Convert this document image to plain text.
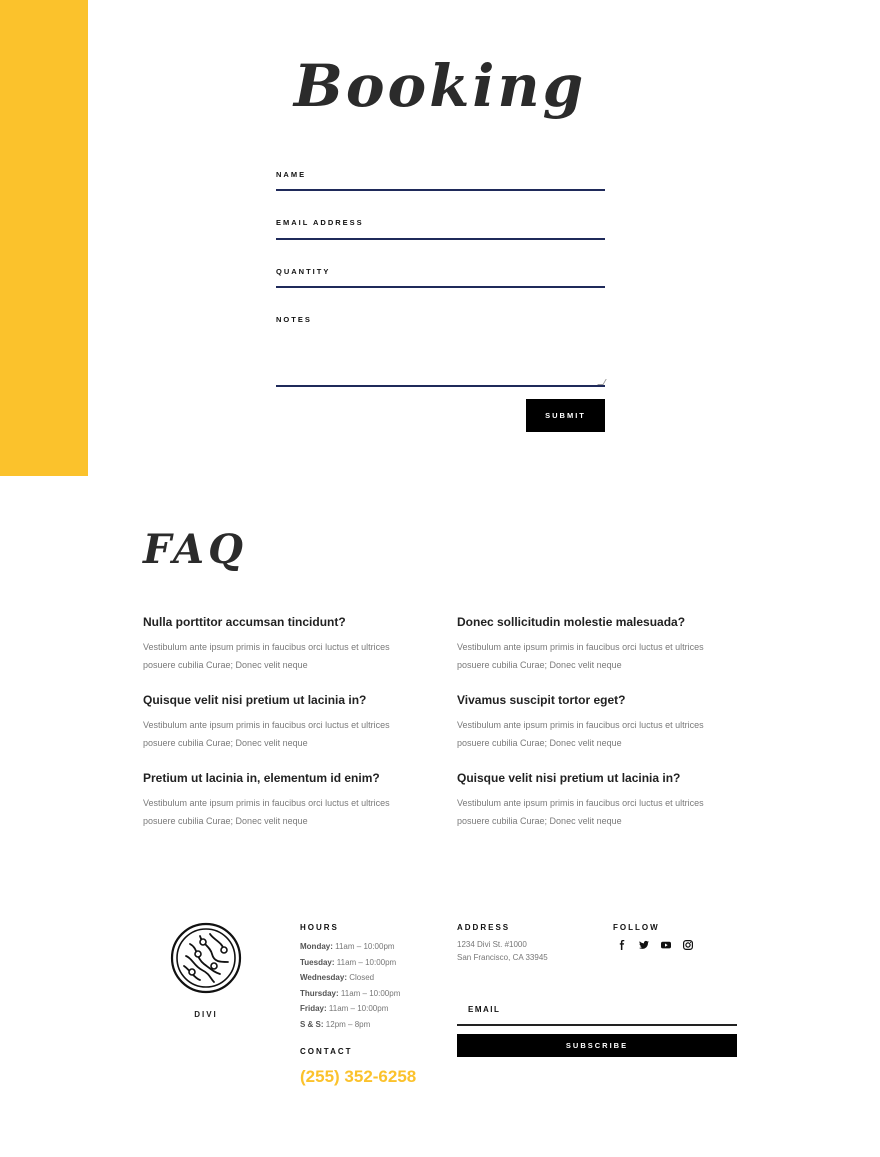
Booking
NAME
EMAIL ADDRESS
QUANTITY
NOTES
SUBMIT
FAQ
Nulla porttitor accumsan tincidunt?
Vestibulum ante ipsum primis in faucibus orci luctus et ultrices posuere cubilia Curae; Donec velit neque
Donec sollicitudin molestie malesuada?
Vestibulum ante ipsum primis in faucibus orci luctus et ultrices posuere cubilia Curae; Donec velit neque
Quisque velit nisi pretium ut lacinia in?
Vestibulum ante ipsum primis in faucibus orci luctus et ultrices posuere cubilia Curae; Donec velit neque
Vivamus suscipit tortor eget?
Vestibulum ante ipsum primis in faucibus orci luctus et ultrices posuere cubilia Curae; Donec velit neque
Pretium ut lacinia in, elementum id enim?
Vestibulum ante ipsum primis in faucibus orci luctus et ultrices posuere cubilia Curae; Donec velit neque
Quisque velit nisi pretium ut lacinia in?
Vestibulum ante ipsum primis in faucibus orci luctus et ultrices posuere cubilia Curae; Donec velit neque
DIVI
HOURS
Monday: 11am – 10:00pm
Tuesday: 11am – 10:00pm
Wednesday: Closed
Thursday: 11am – 10:00pm
Friday: 11am – 10:00pm
S & S: 12pm – 8pm
CONTACT
(255) 352-6258
ADDRESS
1234 Divi St. #1000
San Francisco, CA 33945
FOLLOW
EMAIL
SUBSCRIBE
